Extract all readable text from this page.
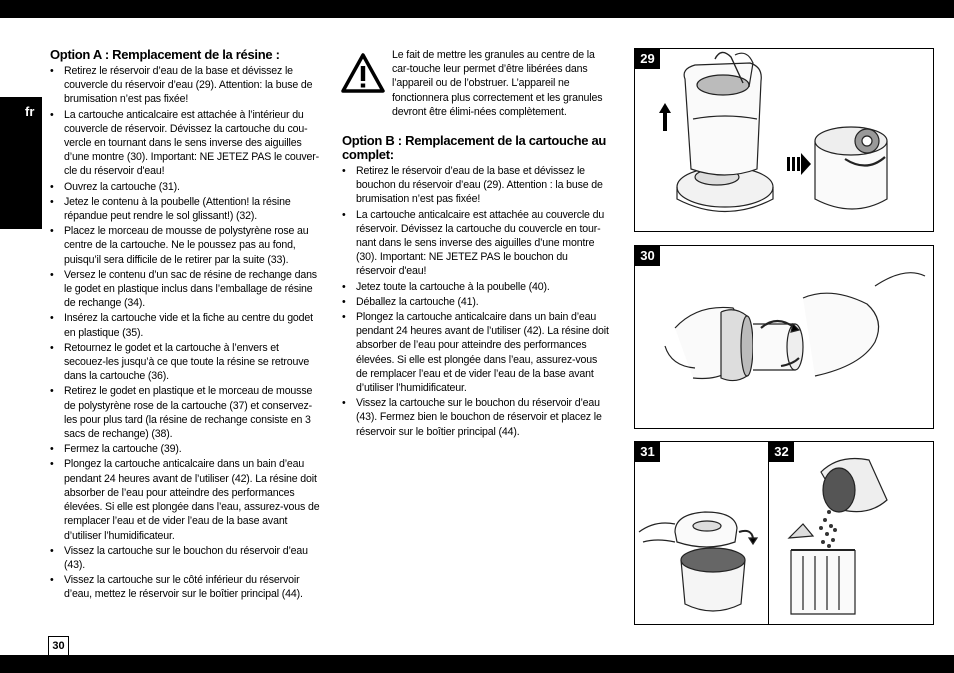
fr
Option A : Remplacement de la résine :
• Retirez le réservoir d’eau de la base et dévissez le couvercle du réservoir d’eau (29). Attention: la buse de brumisation n’est pas fixée!
• La cartouche anticalcaire est attachée à l’intérieur du couvercle de réservoir. Dévissez la cartouche du cou-vercle en tournant dans le sens inverse des aiguilles d’une montre (30). Important: NE JETEZ PAS le couver-cle du réservoir d'eau!
• Ouvrez la cartouche (31).
• Jetez le contenu à la poubelle (Attention! la résine répandue peut rendre le sol glissant!) (32).
• Placez le morceau de mousse de polystyrène rose au centre de la cartouche. Ne le poussez pas au fond, puisqu’il sera difficile de le retirer par la suite (33).
• Versez le contenu d’un sac de résine de rechange dans le godet en plastique inclus dans l’emballage de résine de rechange (34).
• Insérez la cartouche vide et la fiche au centre du godet en plastique (35).
• Retournez le godet et la cartouche à l’envers et secouez-les jusqu’à ce que toute la résine se retrouve dans la cartouche (36).
• Retirez le godet en plastique et le morceau de mousse de polystyrène rose de la cartouche (37) et conservez-les pour plus tard (la résine de rechange consiste en 3 sacs de rechange) (38).
• Fermez la cartouche (39).
• Plongez la cartouche anticalcaire dans un bain d’eau pendant 24 heures avant de l’utiliser (42). La résine doit absorber de l’eau pour atteindre des performances élevées. Si elle est plongée dans l’eau, assurez-vous de remplacer l’eau et de vider l’eau de la base avant d’utiliser l’humidificateur.
• Vissez la cartouche sur le bouchon du réservoir d’eau (43).
• Vissez la cartouche sur le côté inférieur du réservoir d’eau, mettez le réservoir sur le boîtier principal (44).

Le fait de mettre les granules au centre de la car-touche leur permet d’être libérées dans l’appareil ou de l’obstruer. L’appareil ne fonctionnera plus correctement et les granules devront être élimi-nées complètement.

Option B : Remplacement de la cartouche au complet:
• Retirez le réservoir d’eau de la base et dévissez le bouchon du réservoir d’eau (29). Attention : la buse de brumisation n’est pas fixée!
• La cartouche anticalcaire est attachée au couvercle du réservoir. Dévissez la cartouche du couvercle en tour-nant dans le sens inverse des aiguilles d’une montre (30). Important: NE JETEZ PAS le bouchon du réservoir d'eau!
• Jetez toute la cartouche à la poubelle (40).
• Déballez la cartouche (41).
• Plongez la cartouche anticalcaire dans un bain d’eau pendant 24 heures avant de l’utiliser (42). La résine doit absorber de l’eau pour atteindre des performances élevées. Si elle est plongée dans l’eau, assurez-vous de remplacer l’eau et de vider l’eau de la base avant d’utiliser l’humidificateur.
• Vissez la cartouche sur le bouchon du réservoir d’eau (43). Fermez bien le bouchon de réservoir et placez le réservoir sur le boîtier principal (44).
29
30
31	32
30
